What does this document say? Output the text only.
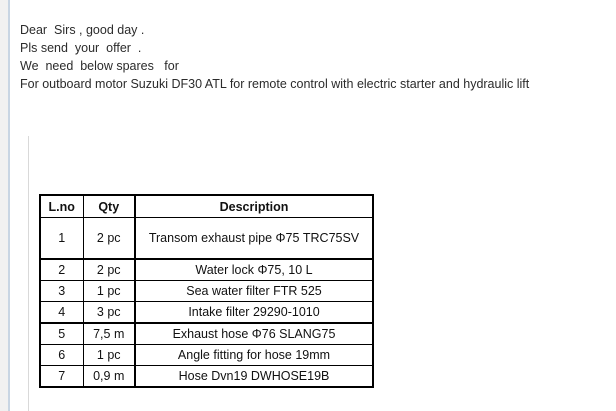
Dear  Sirs , good day .
Pls send  your  offer  .
We  need  below spares   for
For outboard motor Suzuki DF30 ATL for remote control with electric starter and hydraulic lift
L.no	Qty	Description
1	2 pc	Transom exhaust pipe Φ75 TRC75SV
2	2 pc	Water lock Φ75, 10 L
3	1 pc	Sea water filter FTR 525
4	3 pc	Intake filter 29290-1010
5	7,5 m	Exhaust hose Φ76 SLANG75
6	1 pc	Angle fitting for hose 19mm
7	0,9 m	Hose Dvn19 DWHOSE19B
